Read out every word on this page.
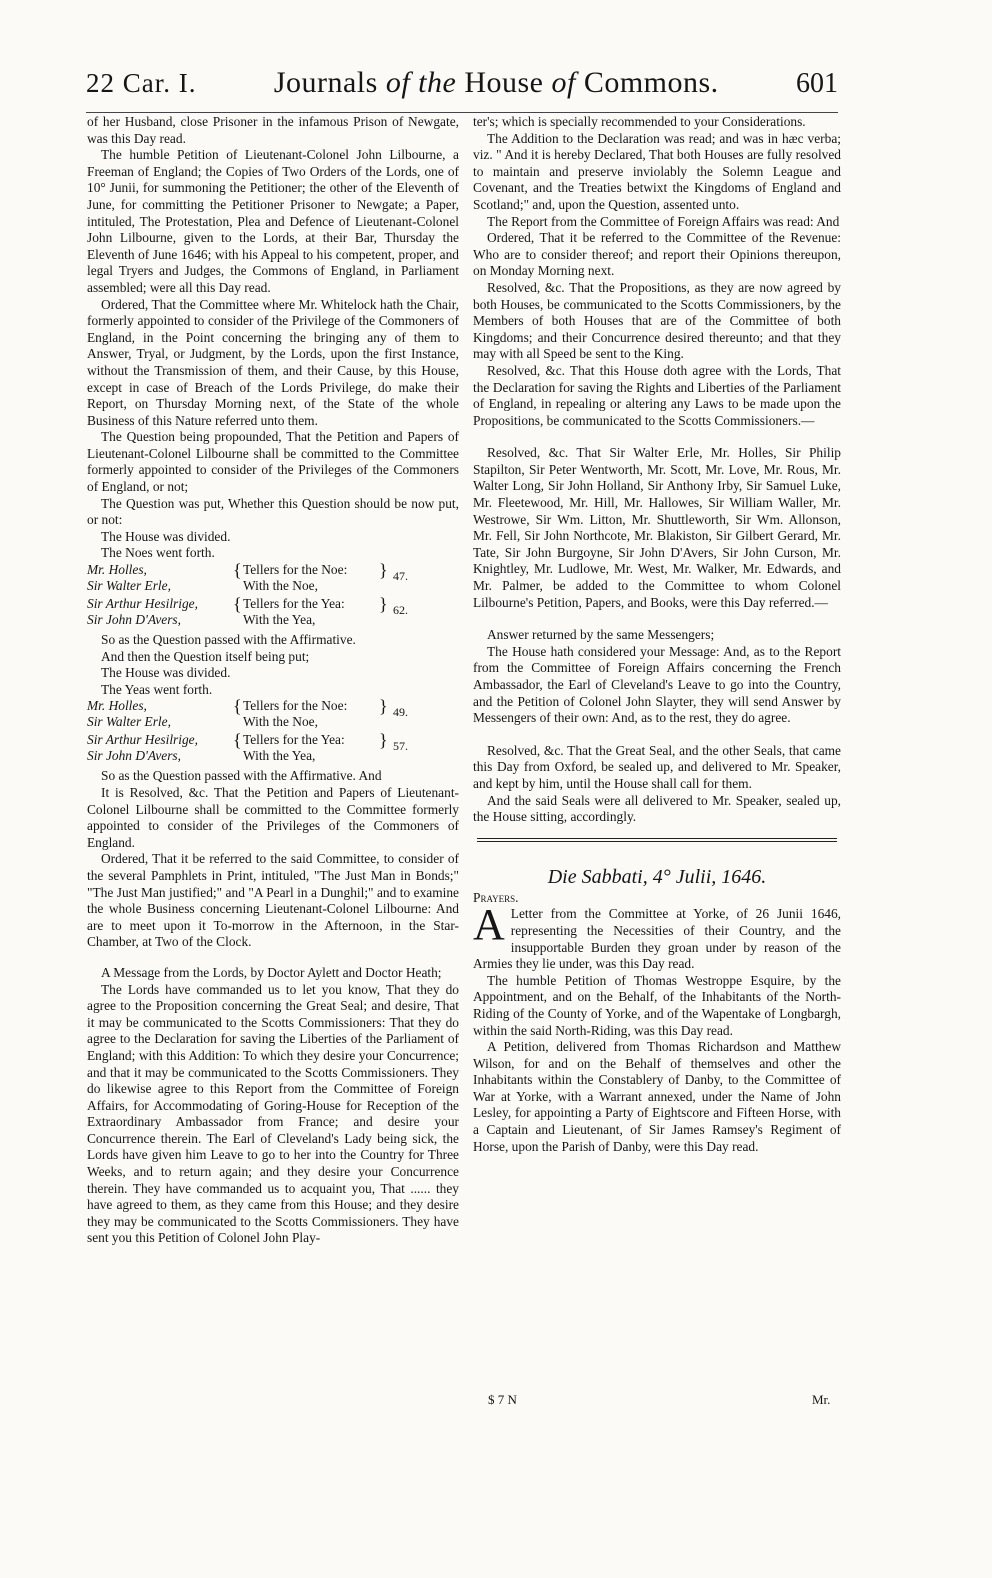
22 Car. I.	Journals of the House of Commons.	601

of her Husband, close Prisoner in the infamous Prison of Newgate, was this Day read.

The humble Petition of Lieutenant-Colonel John Lilbourne, a Freeman of England; the Copies of Two Orders of the Lords, one of 10° Junii, for summoning the Petitioner; the other of the Eleventh of June, for committing the Petitioner Prisoner to Newgate; a Paper, intituled, The Protestation, Plea and Defence of Lieutenant-Colonel John Lilbourne, given to the Lords, at their Bar, Thursday the Eleventh of June 1646; with his Appeal to his competent, proper, and legal Tryers and Judges, the Commons of England, in Parliament assembled; were all this Day read.

Ordered, That the Committee where Mr. Whitelock hath the Chair, formerly appointed to consider of the Privilege of the Commoners of England, in the Point concerning the bringing any of them to Answer, Tryal, or Judgment, by the Lords, upon the first Instance, without the Transmission of them, and their Cause, by this House, except in case of Breach of the Lords Privilege, do make their Report, on Thursday Morning next, of the State of the whole Business of this Nature referred unto them.

The Question being propounded, That the Petition and Papers of Lieutenant-Colonel Lilbourne shall be committed to the Committee formerly appointed to consider of the Privileges of the Commoners of England, or not;

The Question was put, Whether this Question should be now put, or not:

The House was divided.

The Noes went forth.

Mr. Holles,	{ Tellers for the Noe: } 47.
Sir Walter Erle,	With the Noe,
Sir Arthur Hesilrige, { Tellers for the Yea: } 62.
Sir John D'Avers,	With the Yea,

So as the Question passed with the Affirmative.

And then the Question itself being put;

The House was divided.

The Yeas went forth.

Mr. Holles,	{ Tellers for the Noe: } 49.
Sir Walter Erle,	With the Noe,
Sir Arthur Hesilrige, { Tellers for the Yea: } 57.
Sir John D'Avers,	With the Yea,

So as the Question passed with the Affirmative. And

It is Resolved, &c. That the Petition and Papers of Lieutenant-Colonel Lilbourne shall be committed to the Committee formerly appointed to consider of the Privileges of the Commoners of England.

Ordered, That it be referred to the said Committee, to consider of the several Pamphlets in Print, intituled, "The Just Man in Bonds;" "The Just Man justified;" and "A Pearl in a Dunghil;" and to examine the whole Business concerning Lieutenant-Colonel Lilbourne: And are to meet upon it To-morrow in the Afternoon, in the Star-Chamber, at Two of the Clock.

A Message from the Lords, by Doctor Aylett and Doctor Heath;

The Lords have commanded us to let you know, That they do agree to the Proposition concerning the Great Seal; and desire, That it may be communicated to the Scotts Commissioners: That they do agree to the Declaration for saving the Liberties of the Parliament of England; with this Addition: To which they desire your Concurrence; and that it may be communicated to the Scotts Commissioners. They do likewise agree to this Report from the Committee of Foreign Affairs, for Accommodating of Goring-House for Reception of the Extraordinary Ambassador from France; and desire your Concurrence therein. The Earl of Cleveland's Lady being sick, the Lords have given him Leave to go to her into the Country for Three Weeks, and to return again; and they desire your Concurrence therein. They have commanded us to acquaint you, That ...... they have agreed to them, as they came from this House; and they desire they may be communicated to the Scotts Commissioners. They have sent you this Petition of Colonel John Play-

ter's; which is specially recommended to your Considerations.

The Addition to the Declaration was read; and was in hæc verba; viz. " And it is hereby Declared, That both Houses are fully resolved to maintain and preserve inviolably the Solemn League and Covenant, and the Treaties betwixt the Kingdoms of England and Scotland;" and, upon the Question, assented unto.

The Report from the Committee of Foreign Affairs was read: And

Ordered, That it be referred to the Committee of the Revenue: Who are to consider thereof; and report their Opinions thereupon, on Monday Morning next.

Resolved, &c. That the Propositions, as they are now agreed by both Houses, be communicated to the Scotts Commissioners, by the Members of both Houses that are of the Committee of both Kingdoms; and their Concurrence desired thereunto; and that they may with all Speed be sent to the King.

Resolved, &c. That this House doth agree with the Lords, That the Declaration for saving the Rights and Liberties of the Parliament of England, in repealing or altering any Laws to be made upon the Propositions, be communicated to the Scotts Commissioners.—

Resolved, &c. That Sir Walter Erle, Mr. Holles, Sir Philip Stapilton, Sir Peter Wentworth, Mr. Scott, Mr. Love, Mr. Rous, Mr. Walter Long, Sir John Holland, Sir Anthony Irby, Sir Samuel Luke, Mr. Fleetewood, Mr. Hill, Mr. Hallowes, Sir William Waller, Mr. Westrowe, Sir Wm. Litton, Mr. Shuttleworth, Sir Wm. Allonson, Mr. Fell, Sir John Northcote, Mr. Blakiston, Sir Gilbert Gerard, Mr. Tate, Sir John Burgoyne, Sir John D'Avers, Sir John Curson, Mr. Knightley, Mr. Ludlowe, Mr. West, Mr. Walker, Mr. Edwards, and Mr. Palmer, be added to the Committee to whom Colonel Lilbourne's Petition, Papers, and Books, were this Day referred.—

Answer returned by the same Messengers;

The House hath considered your Message: And, as to the Report from the Committee of Foreign Affairs concerning the French Ambassador, the Earl of Cleveland's Leave to go into the Country, and the Petition of Colonel John Slayter, they will send Answer by Messengers of their own: And, as to the rest, they do agree.

Resolved, &c. That the Great Seal, and the other Seals, that came this Day from Oxford, be sealed up, and delivered to Mr. Speaker, and kept by him, until the House shall call for them.

And the said Seals were all delivered to Mr. Speaker, sealed up, the House sitting, accordingly.

Die Sabbati, 4° Julii, 1646.

Prayers.

A Letter from the Committee at Yorke, of 26 Junii 1646, representing the Necessities of their Country, and the insupportable Burden they groan under by reason of the Armies they lie under, was this Day read.

The humble Petition of Thomas Westroppe Esquire, by the Appointment, and on the Behalf, of the Inhabitants of the North-Riding of the County of Yorke, and of the Wapentake of Longbargh, within the said North-Riding, was this Day read.

A Petition, delivered from Thomas Richardson and Matthew Wilson, for and on the Behalf of themselves and other the Inhabitants within the Constablery of Danby, to the Committee of War at Yorke, with a Warrant annexed, under the Name of John Lesley, for appointing a Party of Eightscore and Fifteen Horse, with a Captain and Lieutenant, of Sir James Ramsey's Regiment of Horse, upon the Parish of Danby, were this Day read.

$ 7 N	Mr.
